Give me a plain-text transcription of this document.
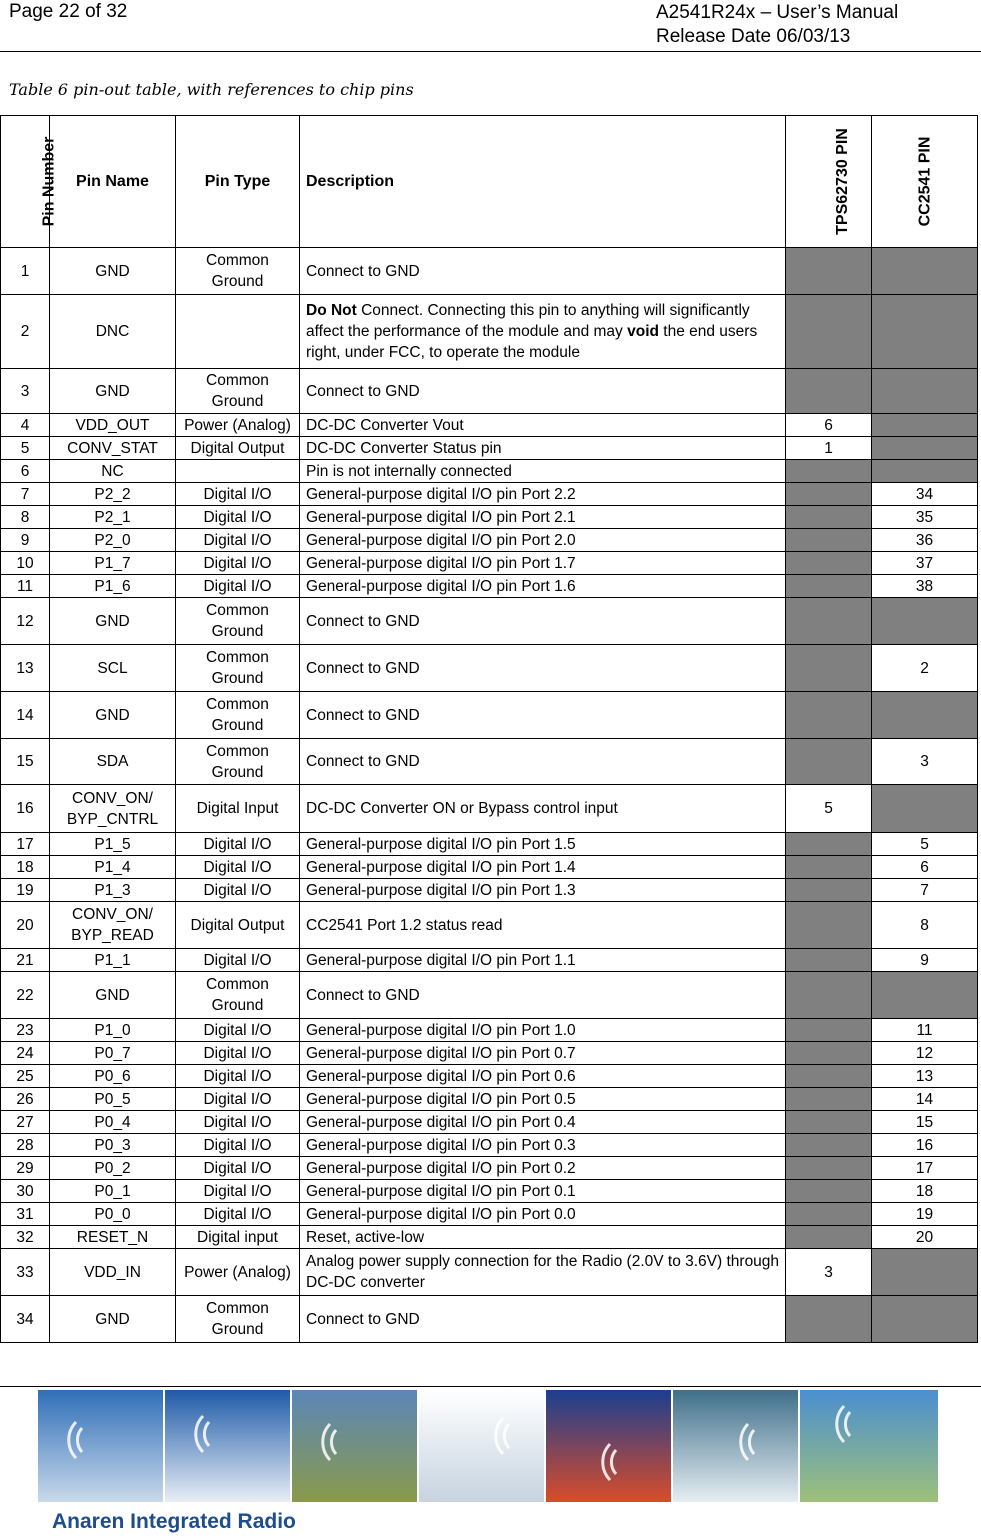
Page 22 of 32	A2541R24x – User’s Manual
Release Date 06/03/13
Table 6 pin-out table, with references to chip pins
Pin Number	Pin Name	Pin Type	Description	TPS62730 PIN	CC2541 PIN
1	GND	Common Ground	Connect to GND		
2	DNC		Do Not Connect. Connecting this pin to anything will significantly affect the performance of the module and may void the end users right, under FCC, to operate the module		
3	GND	Common Ground	Connect to GND		
4	VDD_OUT	Power (Analog)	DC-DC Converter Vout	6	
5	CONV_STAT	Digital Output	DC-DC Converter Status pin	1	
6	NC		Pin is not internally connected		
7	P2_2	Digital I/O	General-purpose digital I/O pin Port 2.2		34
8	P2_1	Digital I/O	General-purpose digital I/O pin Port 2.1		35
9	P2_0	Digital I/O	General-purpose digital I/O pin Port 2.0		36
10	P1_7	Digital I/O	General-purpose digital I/O pin Port 1.7		37
11	P1_6	Digital I/O	General-purpose digital I/O pin Port 1.6		38
12	GND	Common Ground	Connect to GND		
13	SCL	Common Ground	Connect to GND		2
14	GND	Common Ground	Connect to GND		
15	SDA	Common Ground	Connect to GND		3
16	CONV_ON/ BYP_CNTRL	Digital Input	DC-DC Converter ON or Bypass control input	5	
17	P1_5	Digital I/O	General-purpose digital I/O pin Port 1.5		5
18	P1_4	Digital I/O	General-purpose digital I/O pin Port 1.4		6
19	P1_3	Digital I/O	General-purpose digital I/O pin Port 1.3		7
20	CONV_ON/ BYP_READ	Digital Output	CC2541 Port 1.2 status read		8
21	P1_1	Digital I/O	General-purpose digital I/O pin Port 1.1		9
22	GND	Common Ground	Connect to GND		
23	P1_0	Digital I/O	General-purpose digital I/O pin Port 1.0		11
24	P0_7	Digital I/O	General-purpose digital I/O pin Port 0.7		12
25	P0_6	Digital I/O	General-purpose digital I/O pin Port 0.6		13
26	P0_5	Digital I/O	General-purpose digital I/O pin Port 0.5		14
27	P0_4	Digital I/O	General-purpose digital I/O pin Port 0.4		15
28	P0_3	Digital I/O	General-purpose digital I/O pin Port 0.3		16
29	P0_2	Digital I/O	General-purpose digital I/O pin Port 0.2		17
30	P0_1	Digital I/O	General-purpose digital I/O pin Port 0.1		18
31	P0_0	Digital I/O	General-purpose digital I/O pin Port 0.0		19
32	RESET_N	Digital input	Reset, active-low		20
33	VDD_IN	Power (Analog)	Analog power supply connection for the Radio (2.0V to 3.6V) through DC-DC converter	3	
34	GND	Common Ground	Connect to GND		
Anaren Integrated Radio
